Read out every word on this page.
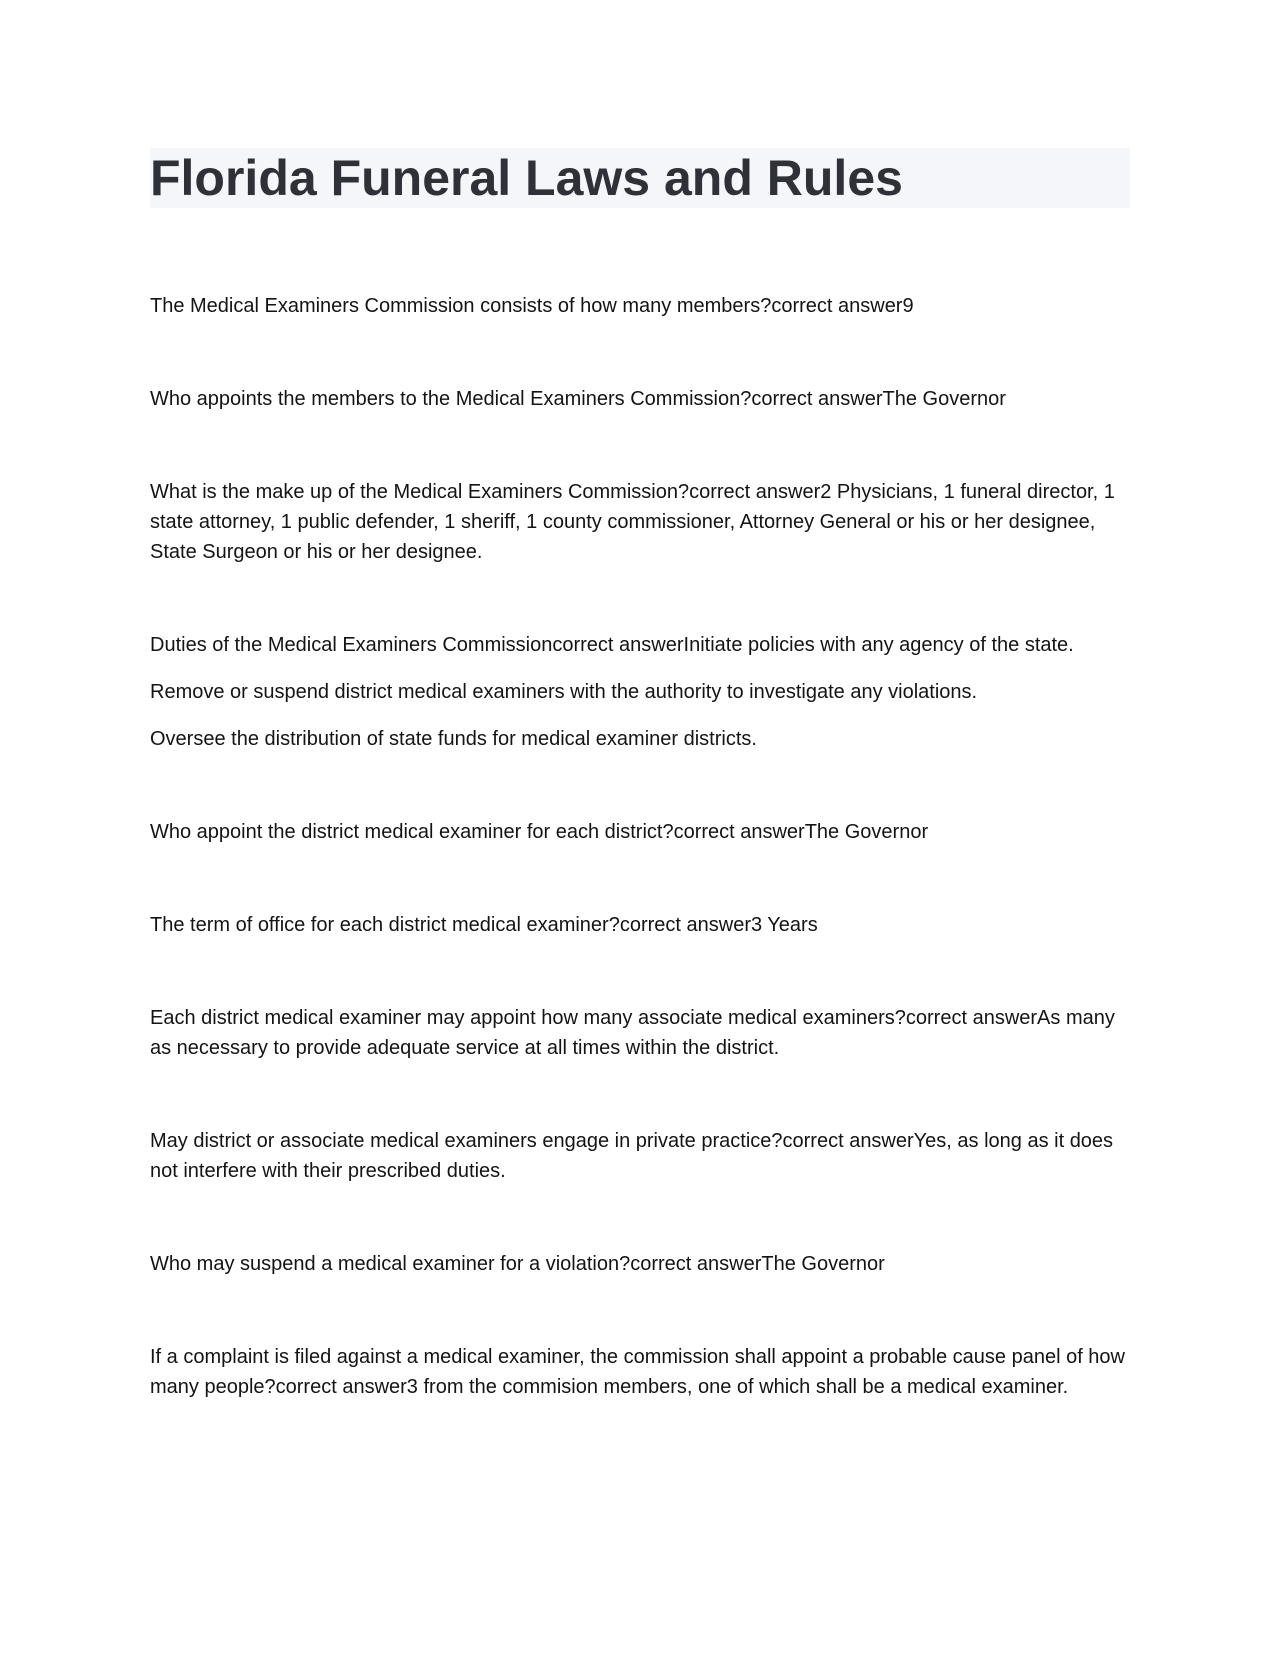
Florida Funeral Laws and Rules

The Medical Examiners Commission consists of how many members?correct answer9

Who appoints the members to the Medical Examiners Commission?correct answerThe Governor

What is the make up of the Medical Examiners Commission?correct answer2 Physicians, 1 funeral director, 1 state attorney, 1 public defender, 1 sheriff, 1 county commissioner, Attorney General or his or her designee, State Surgeon or his or her designee.

Duties of the Medical Examiners Commissioncorrect answerInitiate policies with any agency of the state.

Remove or suspend district medical examiners with the authority to investigate any violations.

Oversee the distribution of state funds for medical examiner districts.

Who appoint the district medical examiner for each district?correct answerThe Governor

The term of office for each district medical examiner?correct answer3 Years

Each district medical examiner may appoint how many associate medical examiners?correct answerAs many as necessary to provide adequate service at all times within the district.

May district or associate medical examiners engage in private practice?correct answerYes, as long as it does not interfere with their prescribed duties.

Who may suspend a medical examiner for a violation?correct answerThe Governor

If a complaint is filed against a medical examiner, the commission shall appoint a probable cause panel of how many people?correct answer3 from the commision members, one of which shall be a medical examiner.
